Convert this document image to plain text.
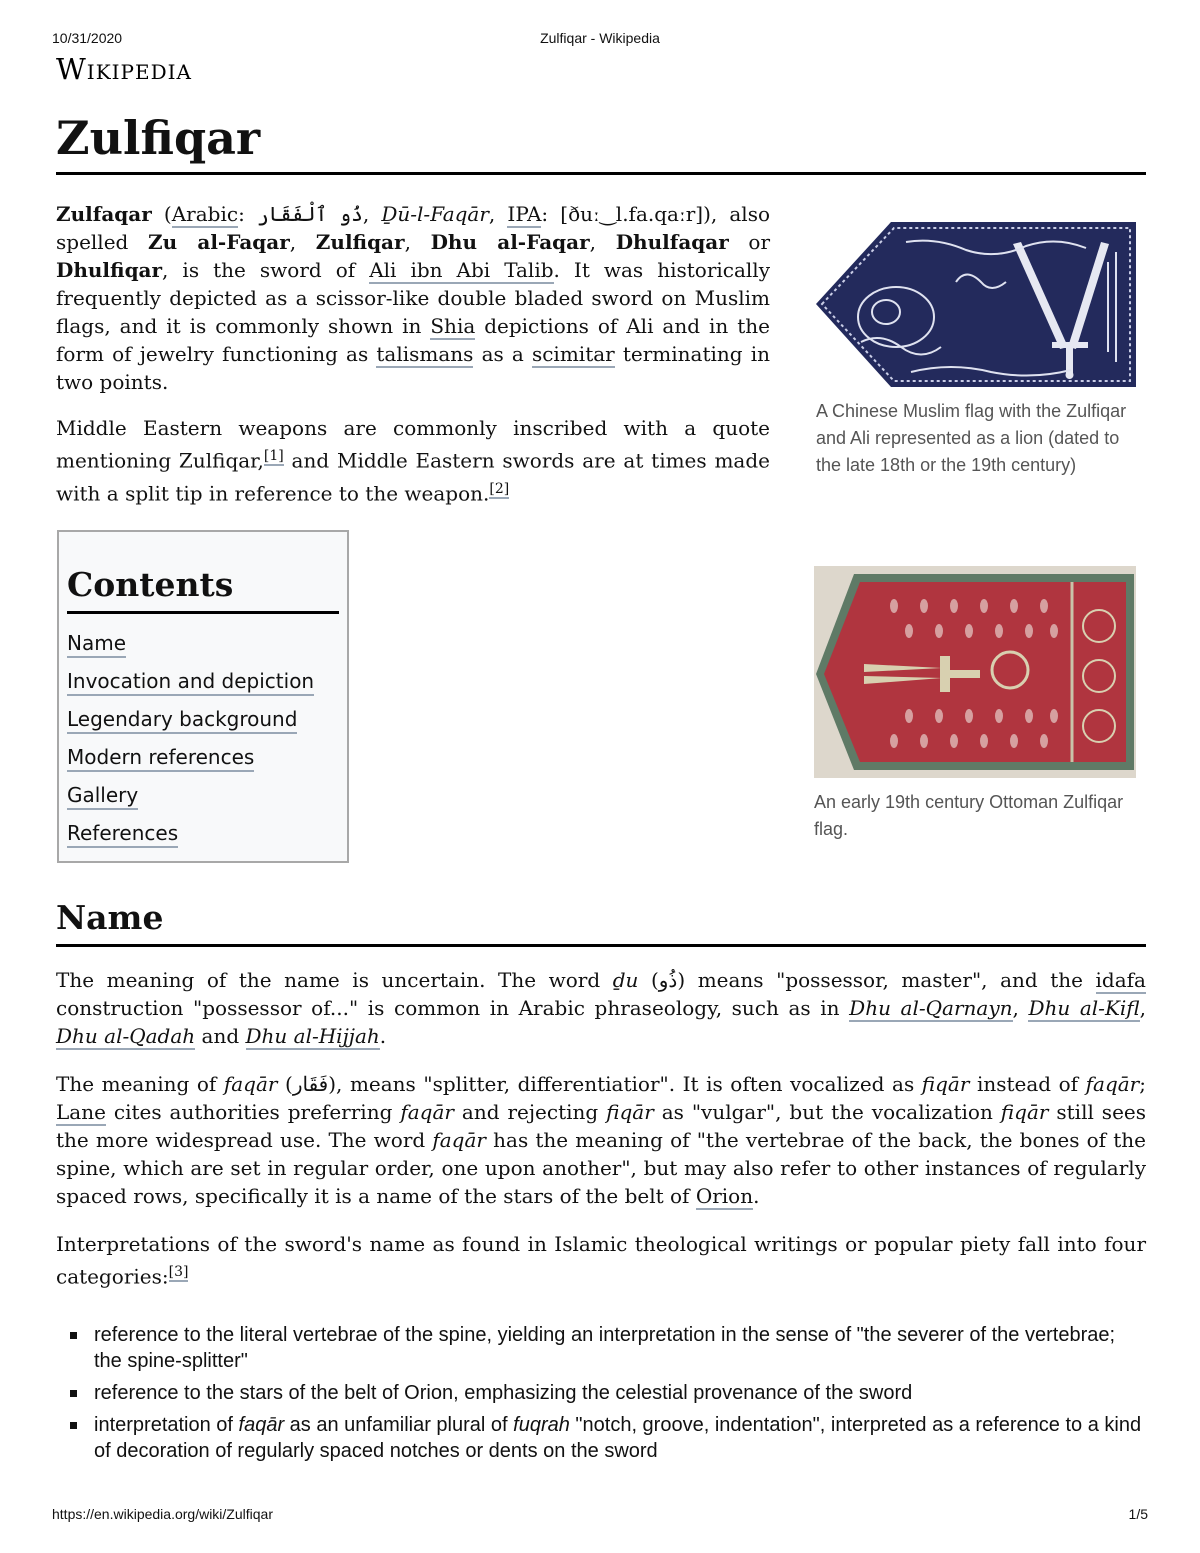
10/31/2020	Zulfiqar - Wikipedia
Wikipedia
Zulfiqar

Zulfaqar (Arabic: ذُو ٱلْفَقَار, Ḏū-l-Faqār, IPA: [ðuː‿l.fa.qaːr]), also spelled Zu al-Faqar, Zulfiqar, Dhu al-Faqar, Dhulfaqar or Dhulfiqar, is the sword of Ali ibn Abi Talib. It was historically frequently depicted as a scissor-like double bladed sword on Muslim flags, and it is commonly shown in Shia depictions of Ali and in the form of jewelry functioning as talismans as a scimitar terminating in two points.

Middle Eastern weapons are commonly inscribed with a quote mentioning Zulfiqar,[1] and Middle Eastern swords are at times made with a split tip in reference to the weapon.[2]

A Chinese Muslim flag with the Zulfiqar and Ali represented as a lion (dated to the late 18th or the 19th century)
An early 19th century Ottoman Zulfiqar flag.
Contents
Name
Invocation and depiction
Legendary background
Modern references
Gallery
References
Name

The meaning of the name is uncertain. The word ḏu (ذُو) means "possessor, master", and the idafa construction "possessor of..." is common in Arabic phraseology, such as in Dhu al-Qarnayn, Dhu al-Kifl, Dhu al-Qadah and Dhu al-Hijjah.

The meaning of faqār (فَقَار), means "splitter, differentiatior". It is often vocalized as fiqār instead of faqār; Lane cites authorities preferring faqār and rejecting fiqār as "vulgar", but the vocalization fiqār still sees the more widespread use. The word faqār has the meaning of "the vertebrae of the back, the bones of the spine, which are set in regular order, one upon another", but may also refer to other instances of regularly spaced rows, specifically it is a name of the stars of the belt of Orion.

Interpretations of the sword's name as found in Islamic theological writings or popular piety fall into four categories:[3]

reference to the literal vertebrae of the spine, yielding an interpretation in the sense of "the severer of the vertebrae; the spine-splitter"
reference to the stars of the belt of Orion, emphasizing the celestial provenance of the sword
interpretation of faqār as an unfamiliar plural of fuqrah "notch, groove, indentation", interpreted as a reference to a kind of decoration of regularly spaced notches or dents on the sword
https://en.wikipedia.org/wiki/Zulfiqar	1/5
